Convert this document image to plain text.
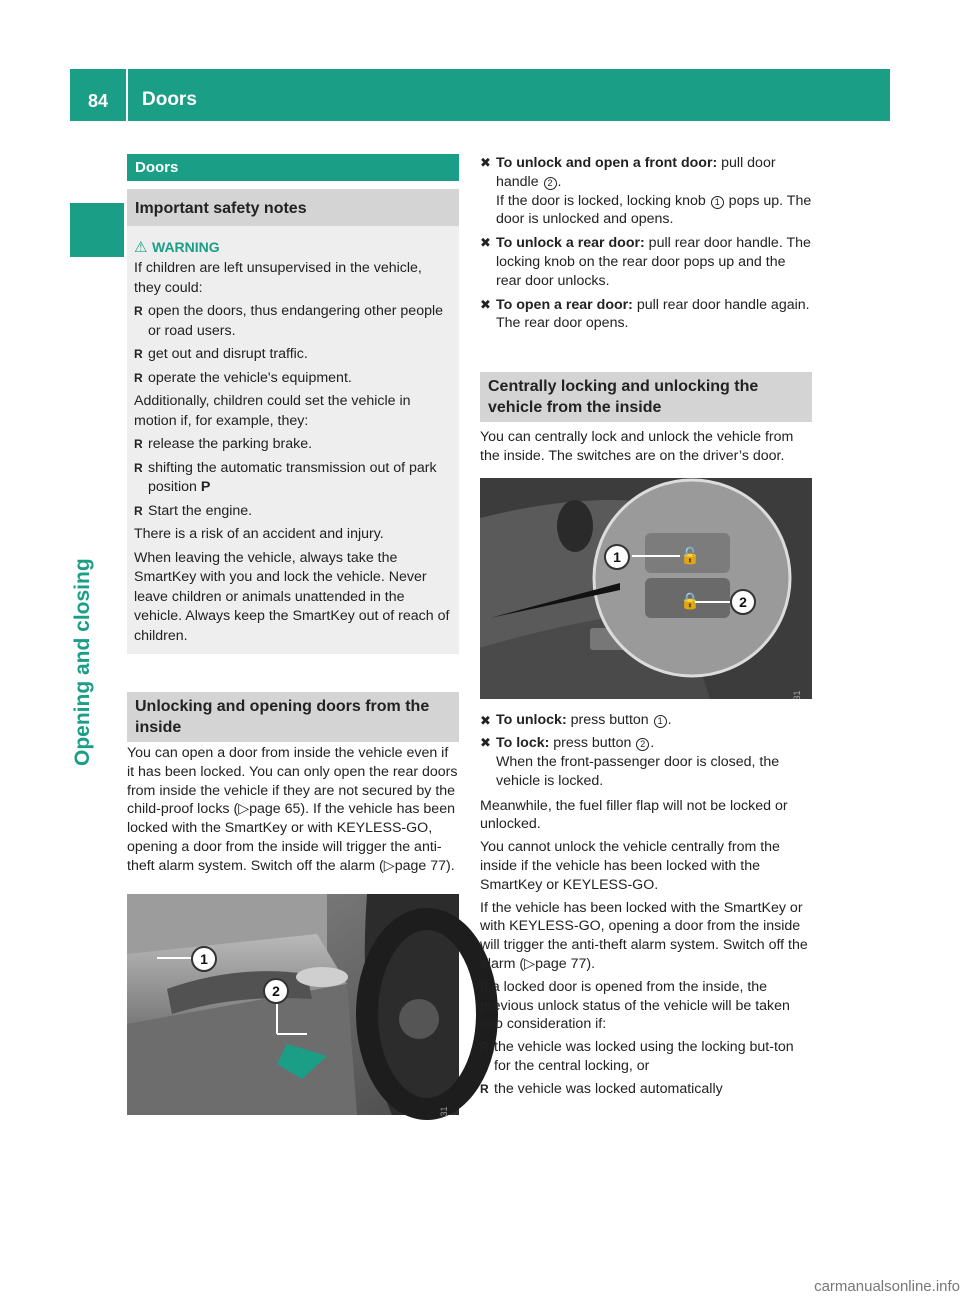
84	Doors
Opening and closing
Doors
Important safety notes
⚠ WARNING

If children are left unsupervised in the vehicle, they could:

R open the doors, thus endangering other people or road users.
R get out and disrupt traffic.
R operate the vehicle's equipment.

Additionally, children could set the vehicle in motion if, for example, they:

R release the parking brake.
R shifting the automatic transmission out of park position P
R Start the engine.

There is a risk of an accident and injury.

When leaving the vehicle, always take the SmartKey with you and lock the vehicle. Never leave children or animals unattended in the vehicle. Always keep the SmartKey out of reach of children.

Unlocking and opening doors from the inside

You can open a door from inside the vehicle even if it has been locked. You can only open the rear doors from inside the vehicle if they are not secured by the child-proof locks (▷page 65). If the vehicle has been locked with the SmartKey or with KEYLESS-GO, opening a door from the inside will trigger the anti-theft alarm system. Switch off the alarm (▷page 77).

1
2
P72.10-4131-31
✖ To unlock and open a front door: pull door handle 2 .
If the door is locked, locking knob 1 pops up. The door is unlocked and opens.
✖ To unlock a rear door: pull rear door handle. The locking knob on the rear door pops up and the rear door unlocks.
✖ To open a rear door: pull rear door handle again.
The rear door opens.
Centrally locking and unlocking the vehicle from the inside

You can centrally lock and unlock the vehicle from the inside. The switches are on the driver’s door.

🔓
🔒
1
2
P54.25-3972-31
✖ To unlock: press button 1 .
✖ To lock: press button 2 .
When the front-passenger door is closed, the vehicle is locked.

Meanwhile, the fuel filler flap will not be locked or unlocked.

You cannot unlock the vehicle centrally from the inside if the vehicle has been locked with the SmartKey or KEYLESS-GO.

If the vehicle has been locked with the SmartKey or with KEYLESS-GO, opening a door from the inside will trigger the anti-theft alarm system. Switch off the alarm (▷page 77).

If a locked door is opened from the inside, the previous unlock status of the vehicle will be taken into consideration if:

R the vehicle was locked using the locking but-ton for the central locking, or
R the vehicle was locked automatically
carmanualsonline.info
